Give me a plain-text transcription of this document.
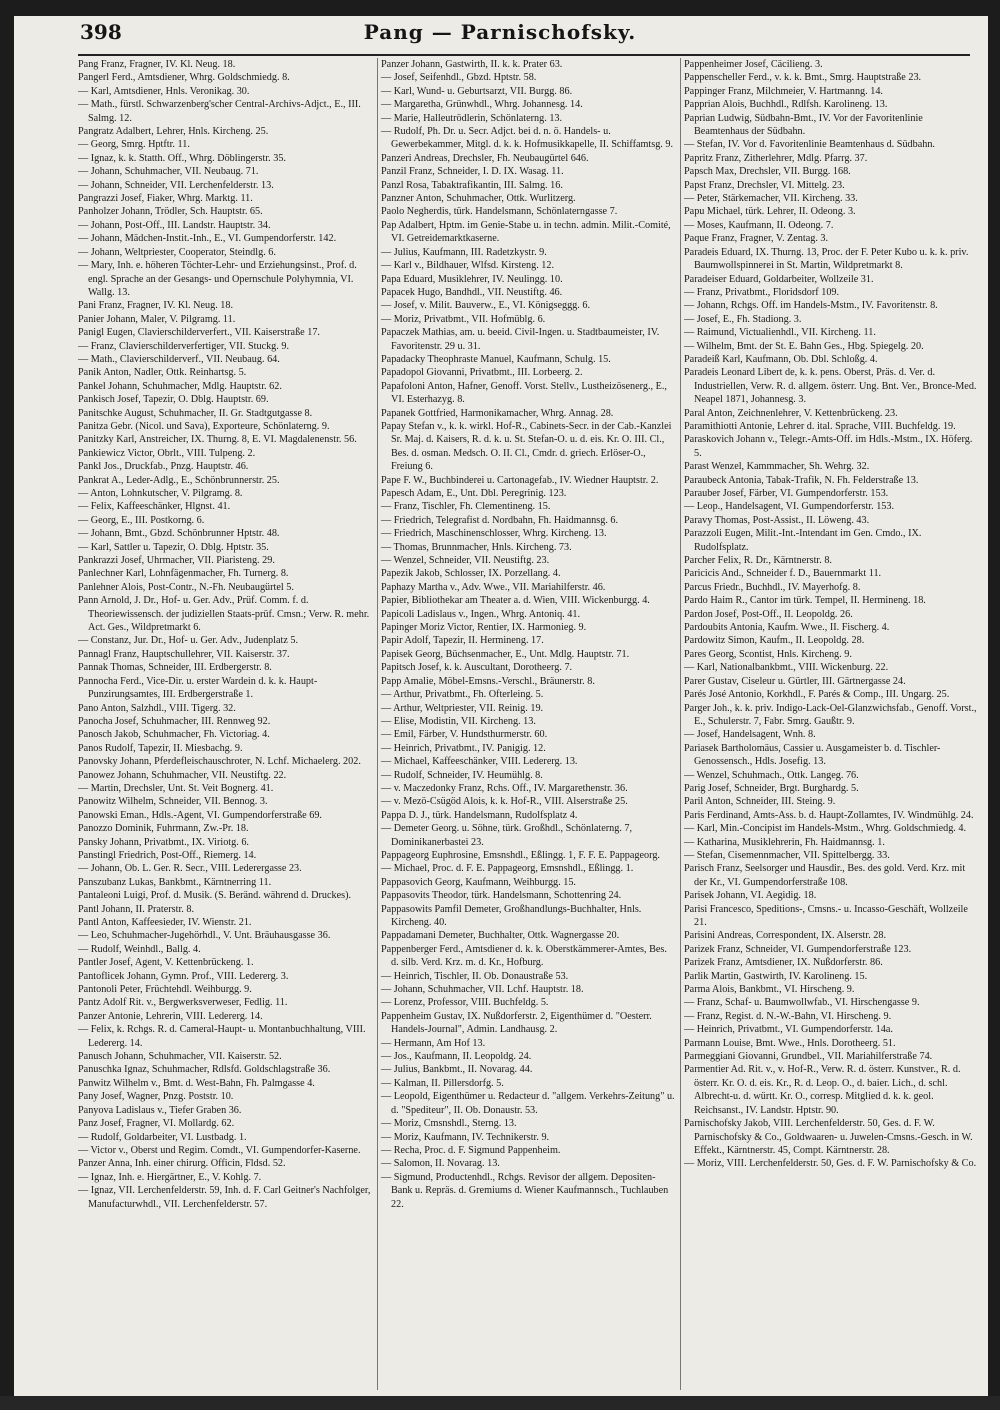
398	Pang — Parnischofsky.

Pang Franz, Fragner, IV. Kl. Neug. 18.

Pangerl Ferd., Amtsdiener, Whrg. Goldschmiedg. 8.

— Karl, Amtsdiener, Hnls. Veronikag. 30.

— Math., fürstl. Schwarzenberg'scher Central-Archivs-Adjct., E., III. Salmg. 12.

Pangratz Adalbert, Lehrer, Hnls. Kircheng. 25.

— Georg, Smrg. Hptftr. 11.

— Ignaz, k. k. Statth. Off., Whrg. Döblingerstr. 35.

— Johann, Schuhmacher, VII. Neubaug. 71.

— Johann, Schneider, VII. Lerchenfelderstr. 13.

Pangrazzi Josef, Fiaker, Whrg. Marktg. 11.

Panholzer Johann, Trödler, Sch. Hauptstr. 65.

— Johann, Post-Off., III. Landstr. Hauptstr. 34.

— Johann, Mädchen-Instit.-Inh., E., VI. Gumpendorferstr. 142.

— Johann, Weltpriester, Cooperator, Steindlg. 6.

— Mary, Inh. e. höheren Töchter-Lehr- und Erziehungsinst., Prof. d. engl. Sprache an der Gesangs- und Opernschule Polyhymnia, VI. Wallg. 13.

Pani Franz, Fragner, IV. Kl. Neug. 18.

Panier Johann, Maler, V. Pilgramg. 11.

Panigl Eugen, Clavierschilderverfert., VII. Kaiserstraße 17.

— Franz, Clavierschilderverfertiger, VII. Stuckg. 9.

— Math., Clavierschilderverf., VII. Neubaug. 64.

Panik Anton, Nadler, Ottk. Reinhartsg. 5.

Pankel Johann, Schuhmacher, Mdlg. Hauptstr. 62.

Pankisch Josef, Tapezir, O. Dblg. Hauptstr. 69.

Panitschke August, Schuhmacher, II. Gr. Stadtgutgasse 8.

Panitza Gebr. (Nicol. und Sava), Exporteure, Schönlaterng. 9.

Panitzky Karl, Anstreicher, IX. Thurng. 8, E. VI. Magdalenenstr. 56.

Pankiewicz Victor, Obrlt., VIII. Tulpeng. 2.

Pankl Jos., Druckfab., Pnzg. Hauptstr. 46.

Pankrat A., Leder-Adlg., E., Schönbrunnerstr. 25.

— Anton, Lohnkutscher, V. Pilgramg. 8.

— Felix, Kaffeeschänker, Hlgnst. 41.

— Georg, E., III. Postkorng. 6.

— Johann, Bmt., Gbzd. Schönbrunner Hptstr. 48.

— Karl, Sattler u. Tapezir, O. Dblg. Hptstr. 35.

Pankrazzi Josef, Uhrmacher, VII. Piaristeng. 29.

Panlechner Karl, Lohnfägenmacher, Fh. Turnerg. 8.

Panlehner Alois, Post-Contr., N.-Fh. Neubaugürtel 5.

Pann Arnold, J. Dr., Hof- u. Ger. Adv., Prüf. Comm. f. d. Theoriewissensch. der judiziellen Staats-prüf. Cmsn.; Verw. R. mehr. Act. Ges., Wildpretmarkt 6.

— Constanz, Jur. Dr., Hof- u. Ger. Adv., Judenplatz 5.

Pannagl Franz, Hauptschullehrer, VII. Kaiserstr. 37.

Pannak Thomas, Schneider, III. Erdbergerstr. 8.

Pannocha Ferd., Vice-Dir. u. erster Wardein d. k. k. Haupt-Punzirungsamtes, III. Erdbergerstraße 1.

Pano Anton, Salzhdl., VIII. Tigerg. 32.

Panocha Josef, Schuhmacher, III. Rennweg 92.

Panosch Jakob, Schuhmacher, Fh. Victoriag. 4.

Panos Rudolf, Tapezir, II. Miesbachg. 9.

Panovsky Johann, Pferdefleischauschroter, N. Lchf. Michaelerg. 202.

Panowez Johann, Schuhmacher, VII. Neustiftg. 22.

— Martin, Drechsler, Unt. St. Veit Bognerg. 41.

Panowitz Wilhelm, Schneider, VII. Bennog. 3.

Panowski Eman., Hdls.-Agent, VI. Gumpendorferstraße 69.

Panozzo Dominik, Fuhrmann, Zw.-Pr. 18.

Pansky Johann, Privatbmt., IX. Viriotg. 6.

Panstingl Friedrich, Post-Off., Riemerg. 14.

— Johann, Ob. L. Ger. R. Secr., VIII. Lederergasse 23.

Panszubanz Lukas, Bankbmt., Kärntnerring 11.

Pantaleoni Luigi, Prof. d. Musik. (S. Beränd. während d. Druckes).

Pantl Johann, II. Praterstr. 8.

Pantl Anton, Kaffeesieder, IV. Wienstr. 21.

— Leo, Schuhmacher-Jugehörhdl., V. Unt. Bräuhausgasse 36.

— Rudolf, Weinhdl., Ballg. 4.

Pantler Josef, Agent, V. Kettenbrückeng. 1.

Pantoflicek Johann, Gymn. Prof., VIII. Ledererg. 3.

Pantonoli Peter, Früchtehdl. Weihburgg. 9.

Pantz Adolf Rit. v., Bergwerksverweser, Fedlig. 11.

Panzer Antonie, Lehrerin, VIII. Ledererg. 14.

— Felix, k. Rchgs. R. d. Cameral-Haupt- u. Montanbuchhaltung, VIII. Ledererg. 14.

Panusch Johann, Schuhmacher, VII. Kaiserstr. 52.

Panuschka Ignaz, Schuhmacher, Rdlsfd. Goldschlagstraße 36.

Panwitz Wilhelm v., Bmt. d. West-Bahn, Fh. Palmgasse 4.

Pany Josef, Wagner, Pnzg. Poststr. 10.

Panyova Ladislaus v., Tiefer Graben 36.

Panz Josef, Fragner, VI. Mollardg. 62.

— Rudolf, Goldarbeiter, VI. Lustbadg. 1.

— Victor v., Oberst und Regim. Comdt., VI. Gumpendorfer-Kaserne.

Panzer Anna, Inh. einer chirurg. Officin, Fldsd. 52.

— Ignaz, Inh. e. Hiergärtner, E., V. Kohlg. 7.

— Ignaz, VII. Lerchenfelderstr. 59, Inh. d. F. Carl Geitner's Nachfolger, Manufacturwhdl., VII. Lerchenfelderstr. 57.

Panzer Johann, Gastwirth, II. k. k. Prater 63.

— Josef, Seifenhdl., Gbzd. Hptstr. 58.

— Karl, Wund- u. Geburtsarzt, VII. Burgg. 86.

— Margaretha, Grünwhdl., Whrg. Johannesg. 14.

— Marie, Halleutrödlerin, Schönlaterng. 13.

— Rudolf, Ph. Dr. u. Secr. Adjct. bei d. n. ö. Handels- u. Gewerbekammer, Mitgl. d. k. k. Hofmusikkapelle, II. Schiffamtsg. 9.

Panzeri Andreas, Drechsler, Fh. Neubaugürtel 646.

Panzil Franz, Schneider, I. D. IX. Wasag. 11.

Panzl Rosa, Tabaktrafikantin, III. Salmg. 16.

Panzner Anton, Schuhmacher, Ottk. Wurlitzerg.

Paolo Negherdis, türk. Handelsmann, Schönlaterngasse 7.

Pap Adalbert, Hptm. im Genie-Stabe u. in techn. admin. Milit.-Comité, VI. Getreidemarktkaserne.

— Julius, Kaufmann, III. Radetzkystr. 9.

— Karl v., Bildhauer, Wlfsd. Kirsteng. 12.

Papa Eduard, Musiklehrer, IV. Neulingg. 10.

Papacek Hugo, Bandhdl., VII. Neustiftg. 46.

— Josef, v. Milit. Bauverw., E., VI. Königseggg. 6.

— Moriz, Privatbmt., VII. Hofmüblg. 6.

Papaczek Mathias, am. u. beeid. Civil-Ingen. u. Stadtbaumeister, IV. Favoritenstr. 29 u. 31.

Papadacky Theophraste Manuel, Kaufmann, Schulg. 15.

Papadopol Giovanni, Privatbmt., III. Lorbeerg. 2.

Papafoloni Anton, Hafner, Genoff. Vorst. Stellv., Lustheizösenerg., E., VI. Esterhazyg. 8.

Papanek Gottfried, Harmonikamacher, Whrg. Annag. 28.

Papay Stefan v., k. k. wirkl. Hof-R., Cabinets-Secr. in der Cab.-Kanzlei Sr. Maj. d. Kaisers, R. d. k. u. St. Stefan-O. u. d. eis. Kr. O. III. Cl., Bes. d. osman. Medsch. O. II. Cl., Cmdr. d. griech. Erlöser-O., Freiung 6.

Pape F. W., Buchbinderei u. Cartonagefab., IV. Wiedner Hauptstr. 2.

Papesch Adam, E., Unt. Dbl. Peregrinig. 123.

— Franz, Tischler, Fh. Clementineng. 15.

— Friedrich, Telegrafist d. Nordbahn, Fh. Haidmannsg. 6.

— Friedrich, Maschinenschlosser, Whrg. Kircheng. 13.

— Thomas, Brunnmacher, Hnls. Kircheng. 73.

— Wenzel, Schneider, VII. Neustiftg. 23.

Papezik Jakob, Schlosser, IX. Porzellang. 4.

Paphazy Martha v., Adv. Wwe., VII. Mariahilferstr. 46.

Papier, Bibliothekar am Theater a. d. Wien, VIII. Wickenburgg. 4.

Papicoli Ladislaus v., Ingen., Whrg. Antoniq. 41.

Papinger Moriz Victor, Rentier, IX. Harmonieg. 9.

Papir Adolf, Tapezir, II. Hermineng. 17.

Papisek Georg, Büchsenmacher, E., Unt. Mdlg. Hauptstr. 71.

Papitsch Josef, k. k. Auscultant, Dorotheerg. 7.

Papp Amalie, Möbel-Emsns.-Verschl., Bräunerstr. 8.

— Arthur, Privatbmt., Fh. Ofterleing. 5.

— Arthur, Weltpriester, VII. Reinig. 19.

— Elise, Modistin, VII. Kircheng. 13.

— Emil, Färber, V. Hundsthurmerstr. 60.

— Heinrich, Privatbmt., IV. Panigig. 12.

— Michael, Kaffeeschänker, VIII. Ledererg. 13.

— Rudolf, Schneider, IV. Heumühlg. 8.

— v. Maczedonky Franz, Rchs. Off., IV. Margarethenstr. 36.

— v. Mezö-Csügöd Alois, k. k. Hof-R., VIII. Alserstraße 25.

Pappa D. J., türk. Handelsmann, Rudolfsplatz 4.

— Demeter Georg. u. Söhne, türk. Großhdl., Schönlaterng. 7, Dominikanerbastei 23.

Pappageorg Euphrosine, Emsnshdl., Eßlingg. 1, F. F. E. Pappageorg.

— Michael, Proc. d. F. E. Pappageorg, Emsnshdl., Eßlingg. 1.

Pappasovich Georg, Kaufmann, Weihburgg. 15.

Pappasovits Theodor, türk. Handelsmann, Schottenring 24.

Pappasowits Pamfil Demeter, Großhandlungs-Buchhalter, Hnls. Kircheng. 40.

Pappadamani Demeter, Buchhalter, Ottk. Wagnergasse 20.

Pappenberger Ferd., Amtsdiener d. k. k. Oberstkämmerer-Amtes, Bes. d. silb. Verd. Krz. m. d. Kr., Hofburg.

— Heinrich, Tischler, II. Ob. Donaustraße 53.

— Johann, Schuhmacher, VII. Lchf. Hauptstr. 18.

— Lorenz, Professor, VIII. Buchfeldg. 5.

Pappenheim Gustav, IX. Nußdorferstr. 2, Eigenthümer d. "Oesterr. Handels-Journal", Admin. Landhausg. 2.

— Hermann, Am Hof 13.

— Jos., Kaufmann, II. Leopoldg. 24.

— Julius, Bankbmt., II. Novarag. 44.

— Kalman, II. Pillersdorfg. 5.

— Leopold, Eigenthümer u. Redacteur d. "allgem. Verkehrs-Zeitung" u. d. "Spediteur", II. Ob. Donaustr. 53.

— Moriz, Cmsnshdl., Sterng. 13.

— Moriz, Kaufmann, IV. Technikerstr. 9.

— Recha, Proc. d. F. Sigmund Pappenheim.

— Salomon, II. Novarag. 13.

— Sigmund, Productenhdl., Rchgs. Revisor der allgem. Depositen-Bank u. Repräs. d. Gremiums d. Wiener Kaufmannsch., Tuchlauben 22.

Pappenheimer Josef, Cäcilieng. 3.

Pappenscheller Ferd., v. k. k. Bmt., Smrg. Hauptstraße 23.

Pappinger Franz, Milchmeier, V. Hartmanng. 14.

Papprian Alois, Buchhdl., Rdlfsh. Karolineng. 13.

Paprian Ludwig, Südbahn-Bmt., IV. Vor der Favoritenlinie Beamtenhaus der Südbahn.

— Stefan, IV. Vor d. Favoritenlinie Beamtenhaus d. Südbahn.

Papritz Franz, Zitherlehrer, Mdlg. Pfarrg. 37.

Papsch Max, Drechsler, VII. Burgg. 168.

Papst Franz, Drechsler, VI. Mittelg. 23.

— Peter, Stärkemacher, VII. Kircheng. 33.

Papu Michael, türk. Lehrer, II. Odeong. 3.

— Moses, Kaufmann, II. Odeong. 7.

Paque Franz, Fragner, V. Zentag. 3.

Paradeis Eduard, IX. Thurng. 13, Proc. der F. Peter Kubo u. k. k. priv. Baumwollspinnerei in St. Martin, Wildpretmarkt 8.

Paradeiser Eduard, Goldarbeiter, Wollzeile 31.

— Franz, Privatbmt., Floridsdorf 109.

— Johann, Rchgs. Off. im Handels-Mstm., IV. Favoritenstr. 8.

— Josef, E., Fh. Stadiong. 3.

— Raimund, Victualienhdl., VII. Kircheng. 11.

— Wilhelm, Bmt. der St. E. Bahn Ges., Hbg. Spiegelg. 20.

Paradeiß Karl, Kaufmann, Ob. Dbl. Schloßg. 4.

Paradeis Leonard Libert de, k. k. pens. Oberst, Präs. d. Ver. d. Industriellen, Verw. R. d. allgem. österr. Ung. Bnt. Ver., Bronce-Med. Neapel 1871, Johannesg. 3.

Paral Anton, Zeichnenlehrer, V. Kettenbrückeng. 23.

Paramithiotti Antonie, Lehrer d. ital. Sprache, VIII. Buchfeldg. 19.

Paraskovich Johann v., Telegr.-Amts-Off. im Hdls.-Mstm., IX. Höferg. 5.

Parast Wenzel, Kammmacher, Sh. Wehrg. 32.

Paraubeck Antonia, Tabak-Trafik, N. Fh. Felderstraße 13.

Parauber Josef, Färber, VI. Gumpendorferstr. 153.

— Leop., Handelsagent, VI. Gumpendorferstr. 153.

Paravy Thomas, Post-Assist., II. Löweng. 43.

Parazzoli Eugen, Milit.-Int.-Intendant im Gen. Cmdo., IX. Rudolfsplatz.

Parcher Felix, R. Dr., Kärntnerstr. 8.

Paricicis And., Schneider f. D., Bauernmarkt 11.

Parcus Friedr., Buchhdl., IV. Mayerhofg. 8.

Pardo Haim R., Cantor im türk. Tempel, II. Hermineng. 18.

Pardon Josef, Post-Off., II. Leopoldg. 26.

Pardoubits Antonia, Kaufm. Wwe., II. Fischerg. 4.

Pardowitz Simon, Kaufm., II. Leopoldg. 28.

Pares Georg, Scontist, Hnls. Kircheng. 9.

— Karl, Nationalbankbmt., VIII. Wickenburg. 22.

Parer Gustav, Ciseleur u. Gürtler, III. Gärtnergasse 24.

Parés José Antonio, Korkhdl., F. Parés & Comp., III. Ungarg. 25.

Parger Joh., k. k. priv. Indigo-Lack-Oel-Glanzwichsfab., Genoff. Vorst., E., Schulerstr. 7, Fabr. Smrg. Gaußtr. 9.

— Josef, Handelsagent, Wnh. 8.

Pariasek Bartholomäus, Cassier u. Ausgameister b. d. Tischler-Genossensch., Hdls. Josefig. 13.

— Wenzel, Schuhmach., Ottk. Langeg. 76.

Parig Josef, Schneider, Brgt. Burghardg. 5.

Paril Anton, Schneider, III. Steing. 9.

Paris Ferdinand, Amts-Ass. b. d. Haupt-Zollamtes, IV. Windmühlg. 24.

— Karl, Min.-Concipist im Handels-Mstm., Whrg. Goldschmiedg. 4.

— Katharina, Musiklehrerin, Fh. Haidmannsg. 1.

— Stefan, Cisemennmacher, VII. Spittelbergg. 33.

Parisch Franz, Seelsorger und Hausdir., Bes. des gold. Verd. Krz. mit der Kr., VI. Gumpendorferstraße 108.

Parisek Johann, VI. Aegidig. 18.

Parisi Francesco, Speditions-, Cmsns.- u. Incasso-Geschäft, Wollzeile 21.

Parisini Andreas, Correspondent, IX. Alserstr. 28.

Parizek Franz, Schneider, VI. Gumpendorferstraße 123.

Parizek Franz, Amtsdiener, IX. Nußdorferstr. 86.

Parlik Martin, Gastwirth, IV. Karolineng. 15.

Parma Alois, Bankbmt., VI. Hirscheng. 9.

— Franz, Schaf- u. Baumwollwfab., VI. Hirschengasse 9.

— Franz, Regist. d. N.-W.-Bahn, VI. Hirscheng. 9.

— Heinrich, Privatbmt., VI. Gumpendorferstr. 14a.

Parmann Louise, Bmt. Wwe., Hnls. Dorotheerg. 51.

Parmeggiani Giovanni, Grundbel., VII. Mariahilferstraße 74.

Parmentier Ad. Rit. v., v. Hof-R., Verw. R. d. österr. Kunstver., R. d. österr. Kr. O. d. eis. Kr., R. d. Leop. O., d. baier. Lich., d. schl. Albrecht-u. d. württ. Kr. O., corresp. Mitglied d. k. k. geol. Reichsanst., IV. Landstr. Hptstr. 90.

Parnischofsky Jakob, VIII. Lerchenfelderstr. 50, Ges. d. F. W. Parnischofsky & Co., Goldwaaren- u. Juwelen-Cmsns.-Gesch. in W. Effekt., Kärntnerstr. 45, Compt. Kärntnerstr. 28.

— Moriz, VIII. Lerchenfelderstr. 50, Ges. d. F. W. Parnischofsky & Co.
